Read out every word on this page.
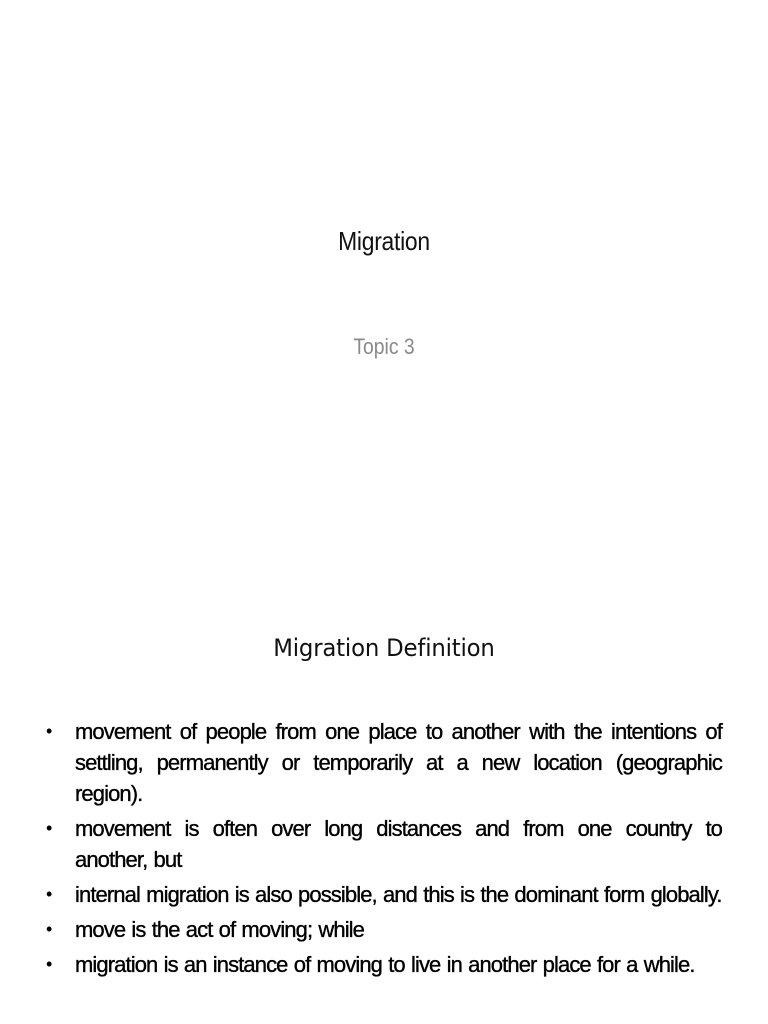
Migration
Topic 3
Migration Definition
• movement of people from one place to another with the intentions of settling, permanently or temporarily at a new location (geographic region).
• movement is often over long distances and from one country to another, but
• internal migration is also possible, and this is the dominant form globally.
• move is the act of moving; while
• migration is an instance of moving to live in another place for a while.
